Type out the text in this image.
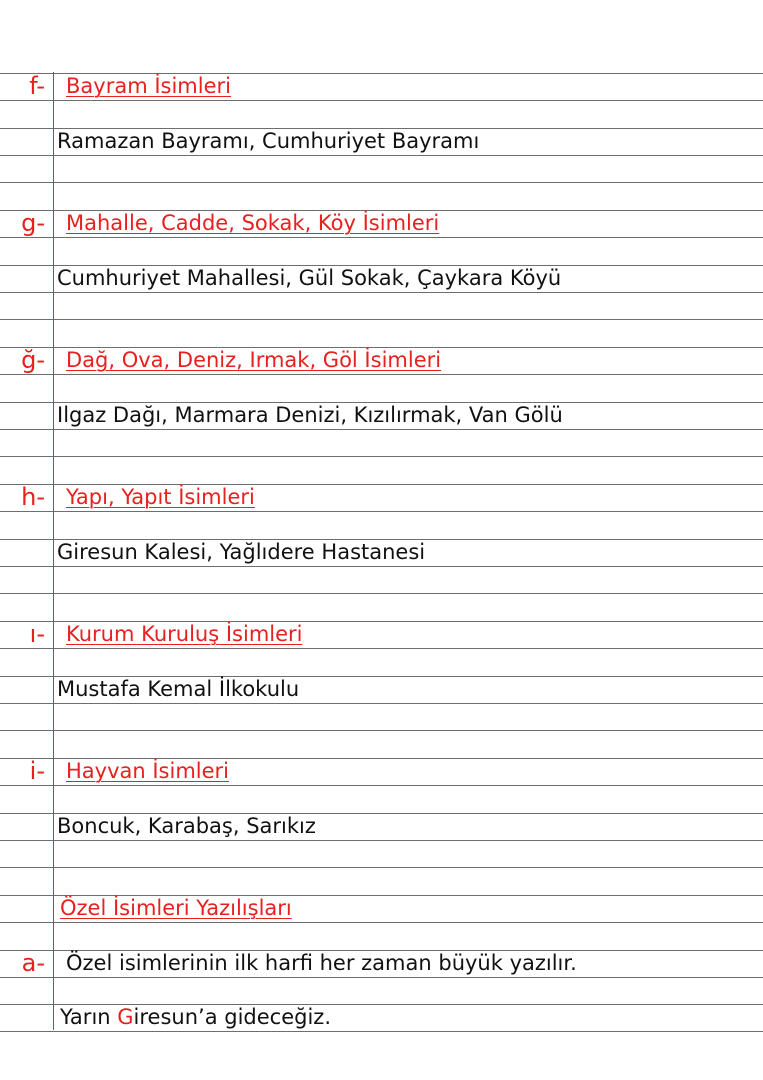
f- Bayram İsimleri
Ramazan Bayramı, Cumhuriyet Bayramı
g- Mahalle, Cadde, Sokak, Köy İsimleri
Cumhuriyet Mahallesi, Gül Sokak, Çaykara Köyü
ğ- Dağ, Ova, Deniz, Irmak, Göl İsimleri
Ilgaz Dağı, Marmara Denizi, Kızılırmak, Van Gölü
h- Yapı, Yapıt İsimleri
Giresun Kalesi, Yağlıdere Hastanesi
ı- Kurum Kuruluş İsimleri
Mustafa Kemal İlkokulu
i- Hayvan İsimleri
Boncuk, Karabaş, Sarıkız
Özel İsimleri Yazılışları
a- Özel isimlerinin ilk harfi her zaman büyük yazılır.
Yarın Giresun’a gideceğiz.
